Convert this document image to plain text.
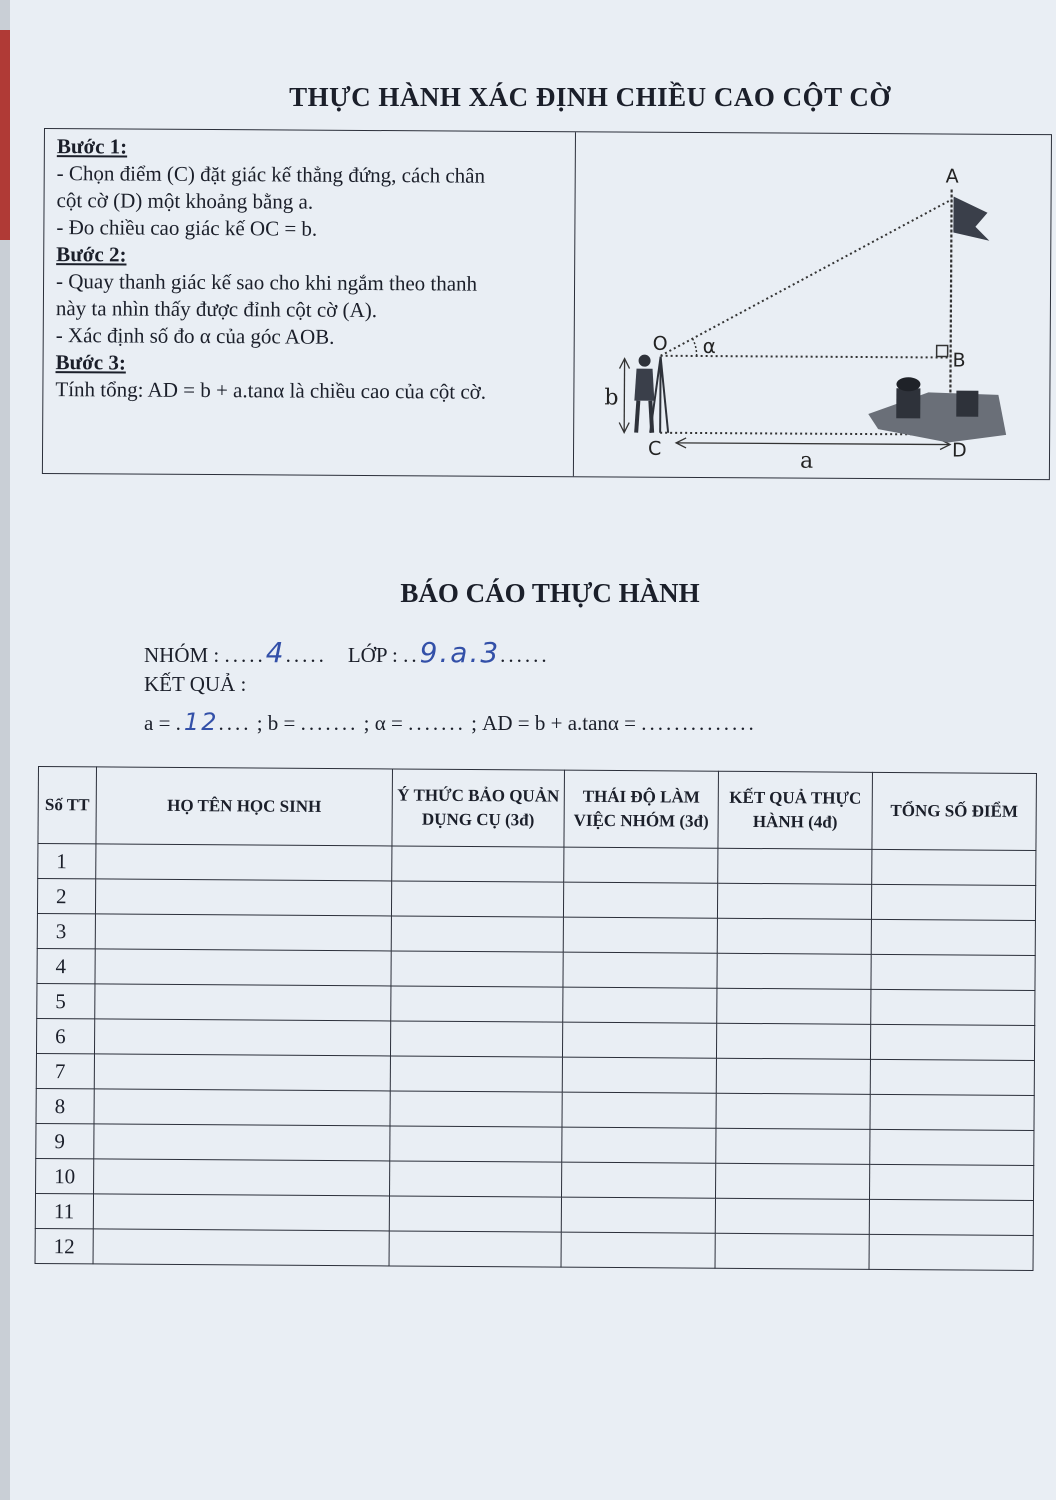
THỰC HÀNH XÁC ĐỊNH CHIỀU CAO CỘT CỜ
Bước 1:
- Chọn điểm (C) đặt giác kế thẳng đứng, cách chân
cột cờ (D) một khoảng bằng a.
- Đo chiều cao giác kế OC = b.
Bước 2:
- Quay thanh giác kế sao cho khi ngắm theo thanh
này ta nhìn thấy được đỉnh cột cờ (A).
- Xác định số đo α của góc AOB.
Bước 3:
Tính tổng: AD = b + a.tanα là chiều cao của cột cờ.
A
O α
B
b
C	a	D
BÁO CÁO THỰC HÀNH
NHÓM : .....4..... LỚP : ..9.a.3......
KẾT QUẢ :
a = .12.... ; b = ....... ; α = ....... ; AD = b + a.tanα = ..............
Số TT	HỌ TÊN HỌC SINH	Ý THỨC BẢO QUẢN DỤNG CỤ (3đ)	THÁI ĐỘ LÀM VIỆC NHÓM (3đ)	KẾT QUẢ THỰC HÀNH (4đ)	TỔNG SỐ ĐIỂM
1					
2					
3					
4					
5					
6					
7					
8					
9					
10					
11					
12					
